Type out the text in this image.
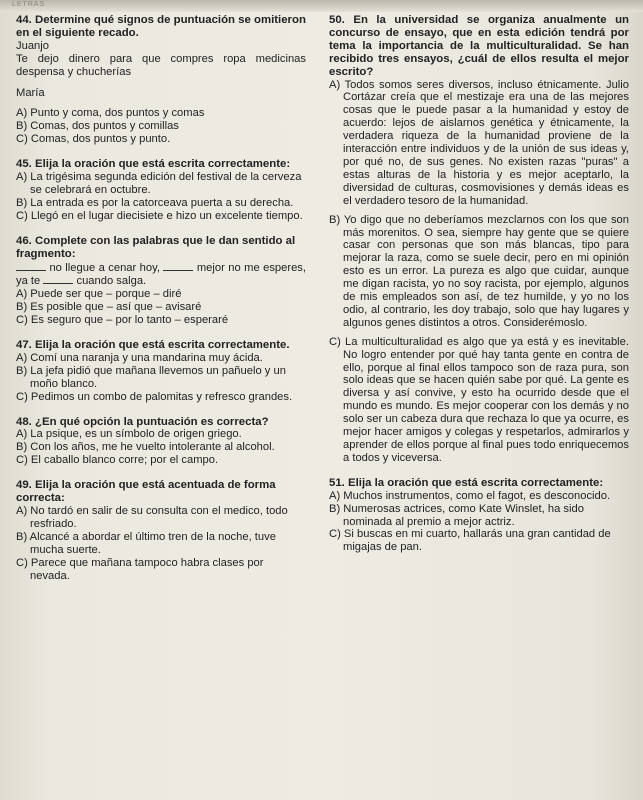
LETRAS
44. Determine qué signos de puntuación se omitieron en el siguiente recado.
Juanjo
Te dejo dinero para que compres ropa medicinas despensa y chucherías
María

A) Punto y coma, dos puntos y comas

B) Comas, dos puntos y comillas

C) Comas, dos puntos y punto.

45. Elija la oración que está escrita correctamente:

A) La trigésima segunda edición del festival de la cerveza se celebrará en octubre.

B) La entrada es por la catorceava puerta a su derecha.

C) Llegó en el lugar diecisiete e hizo un excelente tiempo.

46. Complete con las palabras que le dan sentido al fragmento:
no llegue a cenar hoy,	mejor no me esperes, ya te	cuando salga.

A) Puede ser que – porque – diré

B) Es posible que – así que – avisaré

C) Es seguro que – por lo tanto – esperaré

47. Elija la oración que está escrita correctamente.

A) Comí una naranja y una mandarina muy ácida.

B) La jefa pidió que mañana llevemos un pañuelo y un moño blanco.

C) Pedimos un combo de palomitas y refresco grandes.

48. ¿En qué opción la puntuación es correcta?

A) La psique, es un símbolo de origen griego.

B) Con los años, me he vuelto intolerante al alcohol.

C) El caballo blanco corre; por el campo.

49. Elija la oración que está acentuada de forma correcta:

A) No tardó en salir de su consulta con el medico, todo resfriado.

B) Alcancé a abordar el último tren de la noche, tuve mucha suerte.

C) Parece que mañana tampoco habra clases por nevada.

50. En la universidad se organiza anualmente un concurso de ensayo, que en esta edición tendrá por tema la importancia de la multiculturalidad. Se han recibido tres ensayos, ¿cuál de ellos resulta el mejor escrito?

A) Todos somos seres diversos, incluso étnicamente. Julio Cortázar creía que el mestizaje era una de las mejores cosas que le puede pasar a la humanidad y estoy de acuerdo: lejos de aislarnos genética y étnicamente, la verdadera riqueza de la humanidad proviene de la interacción entre individuos y de la unión de sus ideas y, por qué no, de sus genes. No existen razas "puras" a estas alturas de la historia y es mejor aceptarlo, la diversidad de culturas, cosmovisiones y demás ideas es el verdadero tesoro de la humanidad.

B) Yo digo que no deberíamos mezclarnos con los que son más morenitos. O sea, siempre hay gente que se quiere casar con personas que son más blancas, tipo para mejorar la raza, como se suele decir, pero en mi opinión esto es un error. La pureza es algo que cuidar, aunque me digan racista, yo no soy racista, por ejemplo, algunos de mis empleados son así, de tez humilde, y yo no los odio, al contrario, les doy trabajo, solo que hay lugares y algunos genes distintos a otros. Considerémoslo.

C) La multiculturalidad es algo que ya está y es inevitable. No logro entender por qué hay tanta gente en contra de ello, porque al final ellos tampoco son de raza pura, son solo ideas que se hacen quién sabe por qué. La gente es diversa y así convive, y esto ha ocurrido desde que el mundo es mundo. Es mejor cooperar con los demás y no solo ser un cabeza dura que rechaza lo que ya ocurre, es mejor hacer amigos y colegas y respetarlos, admirarlos y aprender de ellos porque al final pues todo enriquecemos a todos y viceversa.

51. Elija la oración que está escrita correctamente:

A) Muchos instrumentos, como el fagot, es desconocido.

B) Numerosas actrices, como Kate Winslet, ha sido nominada al premio a mejor actriz.

C) Si buscas en mi cuarto, hallarás una gran cantidad de migajas de pan.
